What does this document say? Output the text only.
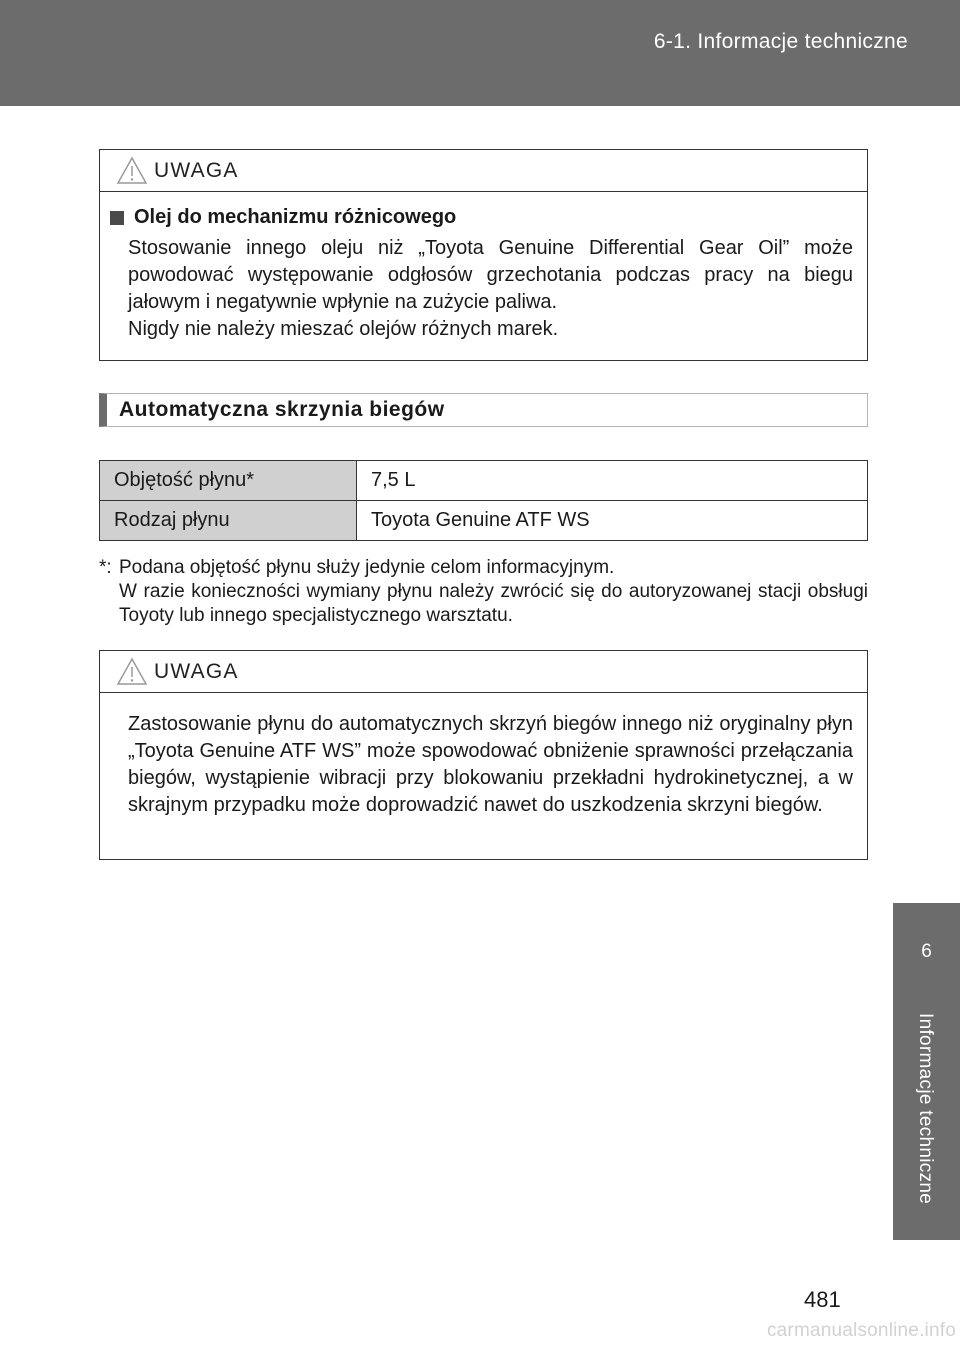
6-1. Informacje techniczne
UWAGA
Olej do mechanizmu różnicowego

Stosowanie innego oleju niż „Toyota Genuine Differential Gear Oil” może powodować występowanie odgłosów grzechotania podczas pracy na biegu jałowym i negatywnie wpłynie na zużycie paliwa.

Nigdy nie należy mieszać olejów różnych marek.

Automatyczna skrzynia biegów
Objętość płynu*	7,5 L
Rodzaj płynu	Toyota Genuine ATF WS
*: Podana objętość płynu służy jedynie celom informacyjnym.

W razie konieczności wymiany płynu należy zwrócić się do autoryzowanej stacji obsługi Toyoty lub innego specjalistycznego warsztatu.

UWAGA

Zastosowanie płynu do automatycznych skrzyń biegów innego niż oryginalny płyn „Toyota Genuine ATF WS” może spowodować obniżenie sprawności przełączania biegów, wystąpienie wibracji przy blokowaniu przekładni hydrokinetycznej, a w skrajnym przypadku może doprowadzić nawet do uszkodzenia skrzyni biegów.

6
Informacje techniczne
481
carmanualsonline.info
